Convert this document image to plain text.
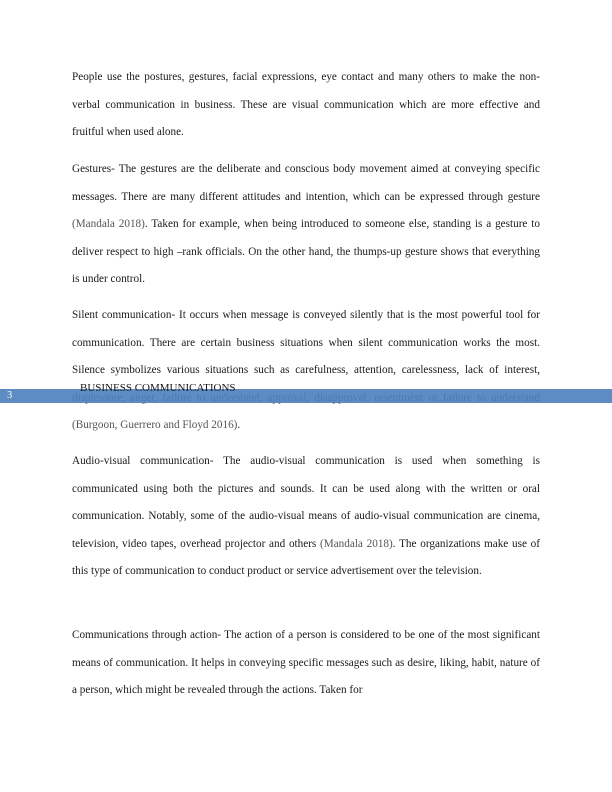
People use the postures, gestures, facial expressions, eye contact and many others to make the non-verbal communication in business. These are visual communication which are more effective and fruitful when used alone.

Gestures- The gestures are the deliberate and conscious body movement aimed at conveying specific messages. There are many different attitudes and intention, which can be expressed through gesture (Mandala 2018). Taken for example, when being introduced to someone else, standing is a gesture to deliver respect to high –rank officials. On the other hand, the thumps-up gesture shows that everything is under control.

Silent communication- It occurs when message is conveyed silently that is the most powerful tool for communication. There are certain business situations when silent communication works the most. Silence symbolizes various situations such as carefulness, attention, carelessness, lack of interest, (Burgoon, Guerrero and Floyd 2016).

Audio-visual communication- The audio-visual communication is used when something is communicated using both the pictures and sounds. It can be used along with the written or oral communication. Notably, some of the audio-visual means of audio-visual communication are cinema, television, video tapes, overhead projector and others (Mandala 2018). The organizations make use of this type of communication to conduct product or service advertisement over the television.

Communications through action- The action of a person is considered to be one of the most significant means of communication. It helps in conveying specific messages such as desire, liking, habit, nature of a person, which might be revealed through the actions. Taken for

3
BUSINESS COMMUNICATIONS
